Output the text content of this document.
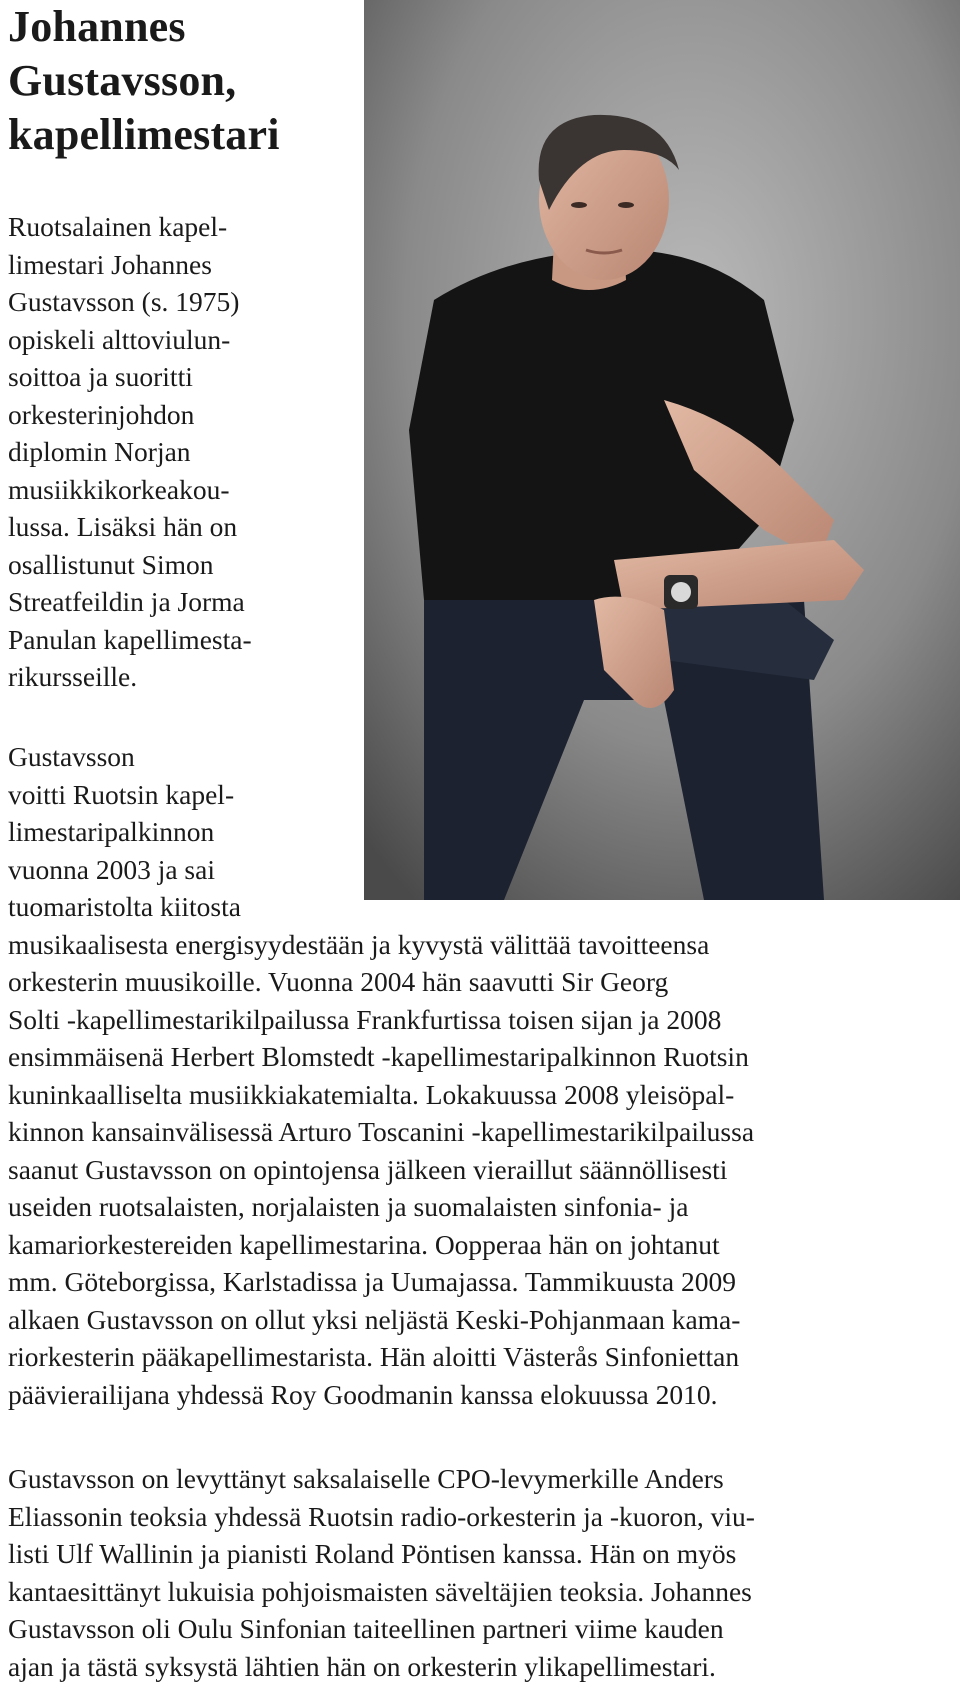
Johannes
Gustavsson,
kapellimestari
Ruotsalainen kapel-
limestari Johannes
Gustavsson (s. 1975)
opiskeli alttoviulun-
soittoa ja suoritti
orkesterinjohdon
diplomin Norjan
musiikkikorkeakou-
lussa. Lisäksi hän on
osallistunut Simon
Streatfeildin ja Jorma
Panulan kapellimesta-
rikursseille.
Gustavsson
voitti Ruotsin kapel-
limestaripalkinnon
vuonna 2003 ja sai
tuomaristolta kiitosta
musikaalisesta energisyydestään ja kyvystä välittää tavoitteensa
orkesterin muusikoille. Vuonna 2004 hän saavutti Sir Georg
Solti -kapellimestarikilpailussa Frankfurtissa toisen sijan ja 2008
ensimmäisenä Herbert Blomstedt -kapellimestaripalkinnon Ruotsin
kuninkaalliselta musiikkiakatemialta. Lokakuussa 2008 yleisöpal-
kinnon kansainvälisessä Arturo Toscanini -kapellimestarikilpailussa
saanut Gustavsson on opintojensa jälkeen vieraillut säännöllisesti
useiden ruotsalaisten, norjalaisten ja suomalaisten sinfonia- ja
kamariorkestereiden kapellimestarina. Oopperaa hän on johtanut
mm. Göteborgissa, Karlstadissa ja Uumajassa. Tammikuusta 2009
alkaen Gustavsson on ollut yksi neljästä Keski-Pohjanmaan kama-
riorkesterin pääkapellimestarista. Hän aloitti Västerås Sinfoniettan
päävierailijana yhdessä Roy Goodmanin kanssa elokuussa 2010.
Gustavsson on levyttänyt saksalaiselle CPO-levymerkille Anders
Eliassonin teoksia yhdessä Ruotsin radio-orkesterin ja -kuoron, viu-
listi Ulf Wallinin ja pianisti Roland Pöntisen kanssa. Hän on myös
kantaesittänyt lukuisia pohjoismaisten säveltäjien teoksia. Johannes
Gustavsson oli Oulu Sinfonian taiteellinen partneri viime kauden
ajan ja tästä syksystä lähtien hän on orkesterin ylikapellimestari.
